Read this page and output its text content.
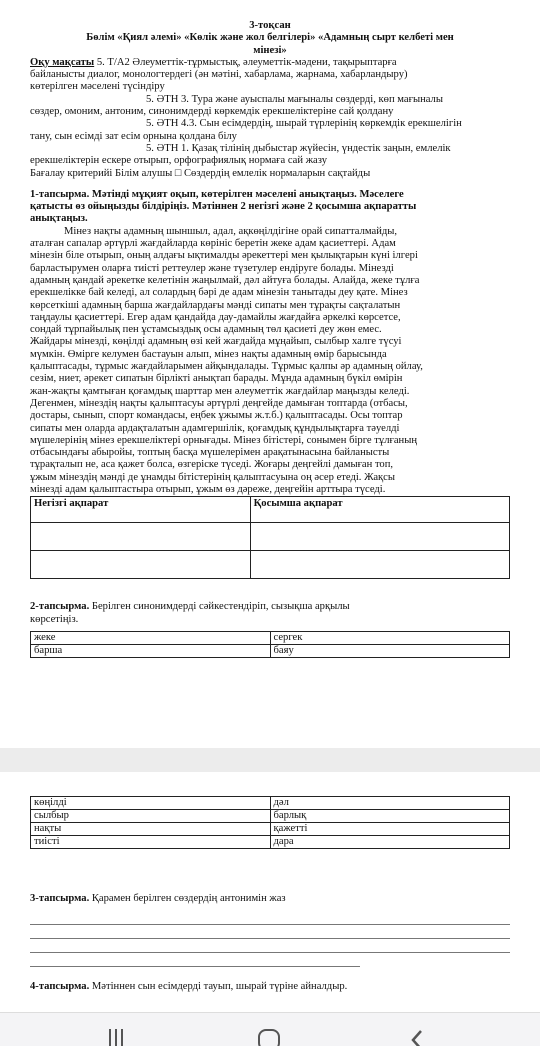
3-тоқсан

Бөлім «Қиял әлемі» «Көлік және жол белгілері» «Адамның сырт келбеті мен

мінезі»

Оқу мақсаты 5. Т/А2 Әлеуметтік-тұрмыстық, әлеуметтік-мәдени, тақырыптарға

байланысты диалог, монологтердегі (ән мәтіні, хабарлама, жарнама, хабарландыру)

көтерілген мәселені түсіндіру

5. ӘТН 3. Тура және ауыспалы мағыналы сөздерді, көп мағыналы

сөздер, омоним, антоним, синонимдерді көркемдік ерекшеліктеріне сай қолдану

5. ӘТН 4.3. Сын есімдердің, шырай түрлерінің көркемдік ерекшелігін

тану, сын есімді зат есім орнына қолдана білу

5. ӘТН 1. Қазақ тілінің дыбыстар жүйесін, үндестік заңын, емлелік

ерекшеліктерін ескере отырып, орфографиялық нормаға сай жазу

Бағалау критерийі Білім алушы □ Сөздердің емлелік нормаларын сақтайды

1-тапсырма. Мәтінді мұқият оқып, көтерілген мәселені анықтаңыз. Мәселеге

қатысты өз ойыңызды білдіріңіз. Мәтіннен 2 негізгі және 2 қосымша ақпаратты

анықтаңыз.

Мінез нақты адамның шыншыл, адал, ақкөңілдігіне орай сипатталмайды,

аталған сапалар әртүрлі жағдайларда көрініс беретін жеке адам қасиеттері. Адам

мінезін біле отырып, оның алдағы ықтималды әрекеттері мен қылықтарын күні ілгері

барластырумен оларға тиісті реттеулер және түзетулер ендіруге болады. Мінезді

адамның қандай әрекетке келетінін жаңылмай, дәл айтуға болады. Алайда, жеке тұлға

ерекшелікке бай келеді, ал солардың бәрі де адам мінезін танытады деу қате. Мінез

көрсеткіші адамның барша жағдайлардағы мәнді сипаты мен тұрақты сақталатын

таңдаулы қасиеттері. Егер адам қандайда дау-дамайлы жағдайға әркелкі көрсетсе,

сондай тұрпайылық пен ұстамсыздық осы адамның төл қасиеті деу жөн емес.

Жайдары мінезді, көңілді адамның өзі кей жағдайда мұңайып, сылбыр халге түсуі

мүмкін. Өмірге келумен бастауын алып, мінез нақты адамның өмір барысында

қалыптасады, тұрмыс жағдайларымен айқындалады. Тұрмыс қалпы әр адамның ойлау,

сезім, ниет, әрекет сипатын бірлікті анықтап барады. Мұнда адамның бүкіл өмірін

жан-жақты қамтыған қоғамдық шарттар мен әлеуметтік жағдайлар маңызды келеді.

Дегенмен, мінездің нақты қалыптасуы әртүрлі деңгейде дамыған топтарда (отбасы,

достары, сынып, спорт командасы, еңбек ұжымы ж.т.б.) қалыптасады. Осы топтар

сипаты мен оларда ардақталатын адамгершілік, қоғамдық құндылықтарға тәуелді

мүшелерінің мінез ерекшеліктері орнығады. Мінез бітістері, сонымен бірге тұлғаның

отбасындағы абыройы, топтың басқа мүшелерімен арақатынасына байланысты

тұрақталып не, аса қажет болса, өзгеріске түседі. Жоғары деңгейлі дамыған топ,

ұжым мінездің мәнді де ұнамды бітістерінің қалыптасуына оң әсер етеді. Жақсы

мінезді адам қалыптастыра отырып, ұжым өз дәреже, деңгейін арттыра түседі.

Негізгі ақпарат	Қосымша ақпарат

2-тапсырма. Берілген синонимдерді сәйкестендіріп, сызықша арқылы

көрсетіңіз.

жеке	сергек
барша	баяу
көңілді	дәл
сылбыр	барлық
нақты	қажетті
тиісті	дара

3-тапсырма. Қарамен берілген сөздердің антонимін жаз

4-тапсырма. Мәтіннен сын есімдерді тауып, шырай түріне айналдыр.
